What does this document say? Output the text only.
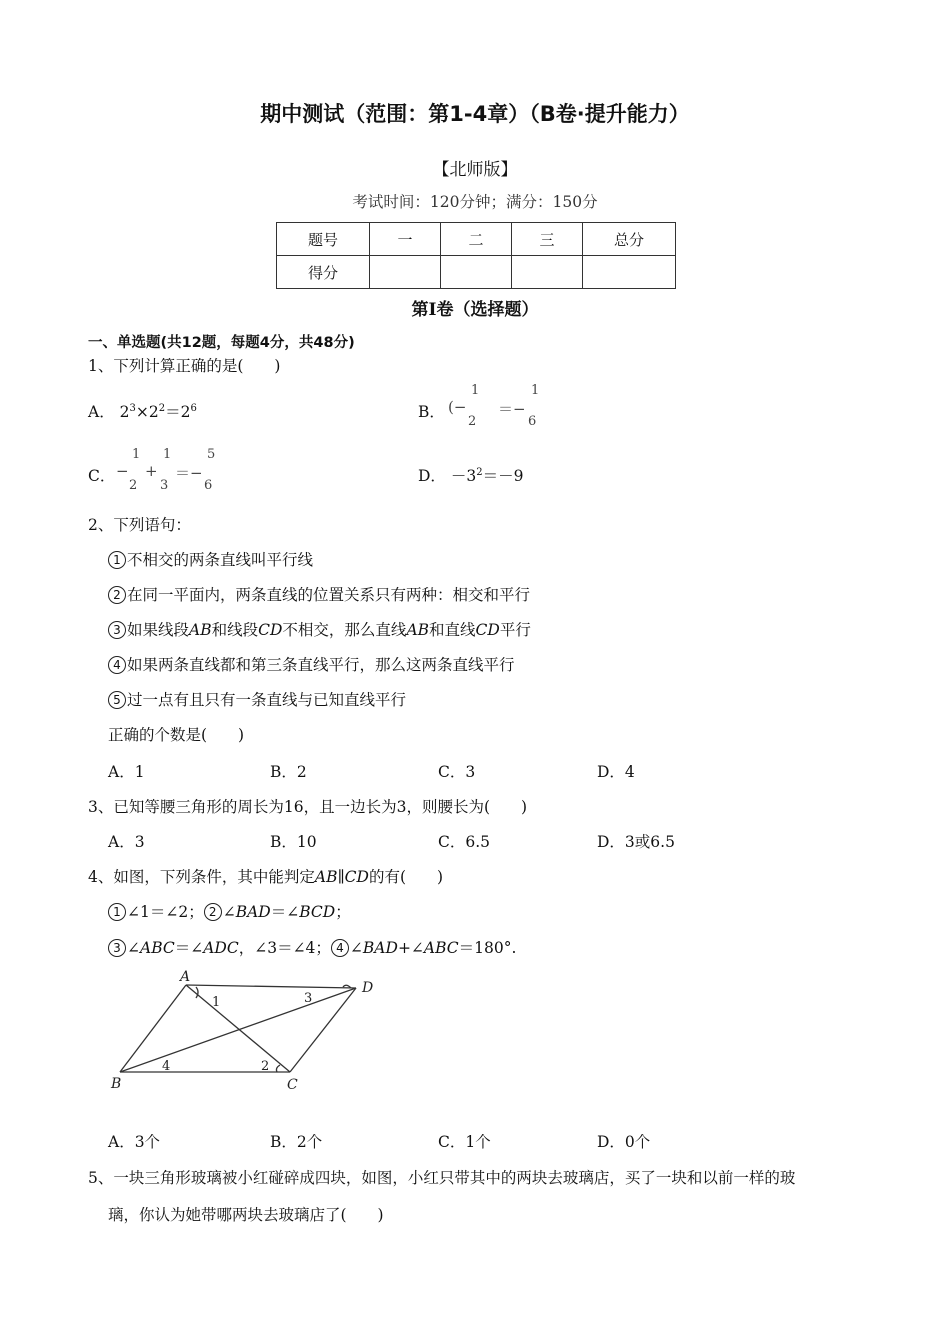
期中测试（范围：第1-4章）（B卷·提升能力）
【北师版】
考试时间：120分钟；满分：150分
题号	一	二	三	总分
得分				
第Ⅰ卷（选择题）
一、单选题(共12题，每题4分，共48分)
1、下列计算正确的是(　　)
A． $2^3\times 2^2=2^6$	B． (−
1
2
＝−
1
6
C． −
1
2
+
1
3
＝−
5
6
D． $-3^2=-9$
2、下列语句：
1 不相交的两条直线叫平行线
2 在同一平面内，两条直线的位置关系只有两种：相交和平行
3 如果线段AB和线段CD不相交，那么直线AB和直线CD平行
4 如果两条直线都和第三条直线平行，那么这两条直线平行
5 过一点有且只有一条直线与已知直线平行
正确的个数是(　　)
A．1	B．2	C．3	D．4
3、已知等腰三角形的周长为16，且一边长为3，则腰长为(　　)
A．3	B．10	C．6.5	D．3或6.5
4、如图，下列条件，其中能判定AB∥CD的有(　　)
1 ∠1＝∠2； 2 ∠BAD＝∠BCD；
3 ∠ABC＝∠ADC，∠3＝∠4； 4 ∠BAD+∠ABC＝180°.
A
D
B	C
1	3
2
4
A．3个	B．2个	C．1个	D．0个
5、一块三角形玻璃被小红碰碎成四块，如图，小红只带其中的两块去玻璃店，买了一块和以前一样的玻
璃，你认为她带哪两块去玻璃店了(　　)
